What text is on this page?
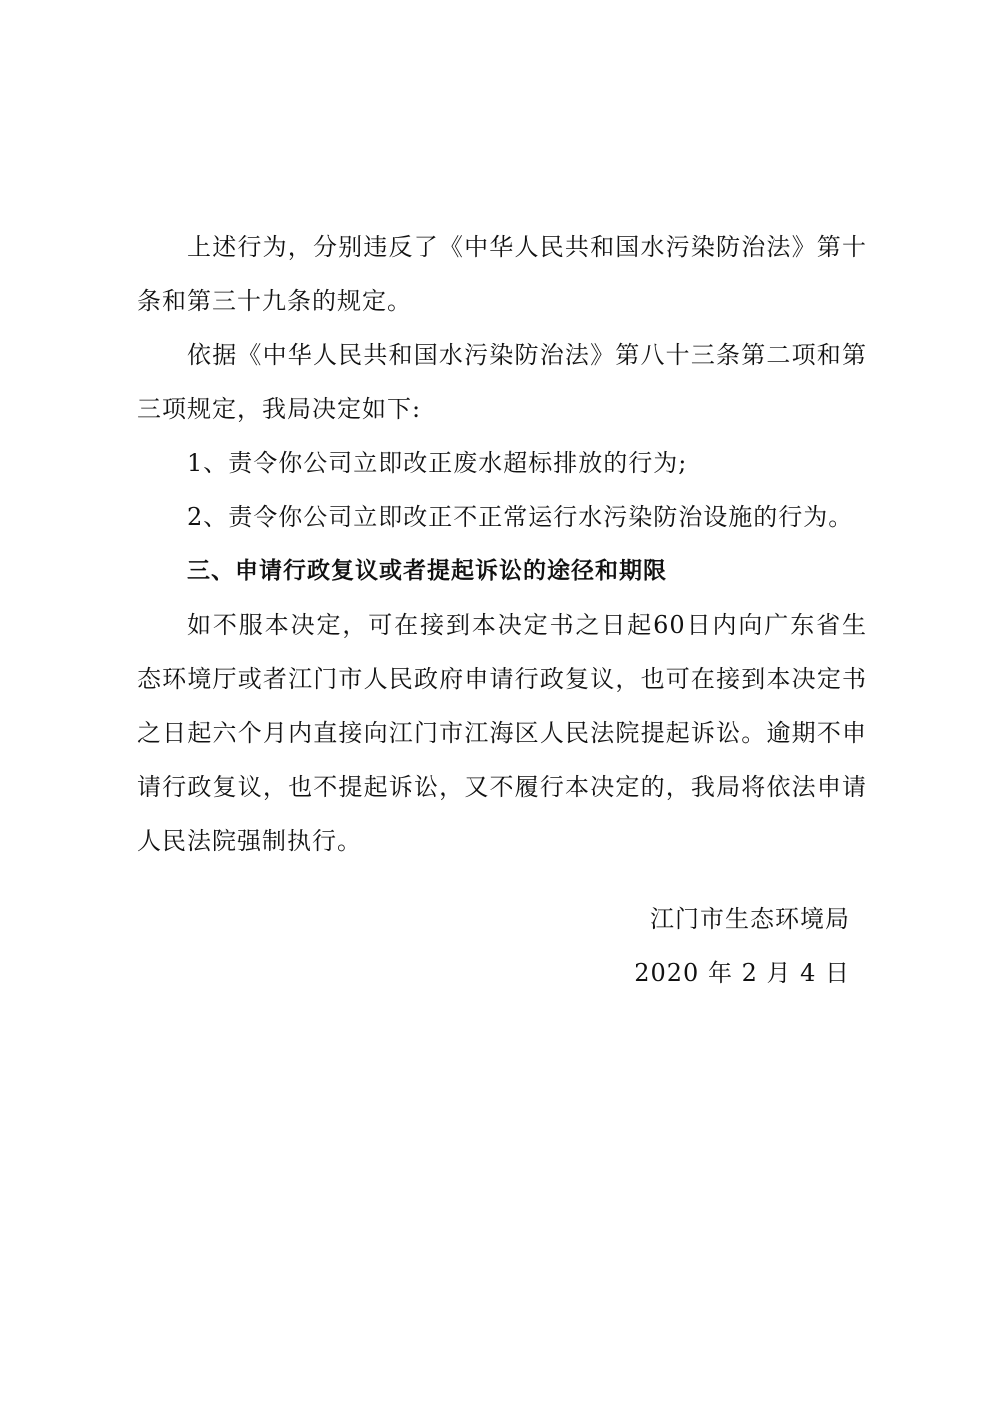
上述行为，分别违反了《中华人民共和国水污染防治法》第十条和第三十九条的规定。

依据《中华人民共和国水污染防治法》第八十三条第二项和第三项规定，我局决定如下:

1、责令你公司立即改正废水超标排放的行为;

2、责令你公司立即改正不正常运行水污染防治设施的行为。

三、申请行政复议或者提起诉讼的途径和期限

如不服本决定，可在接到本决定书之日起60日内向广东省生态环境厅或者江门市人民政府申请行政复议，也可在接到本决定书之日起六个月内直接向江门市江海区人民法院提起诉讼。逾期不申请行政复议，也不提起诉讼，又不履行本决定的，我局将依法申请人民法院强制执行。

江门市生态环境局
2020 年 2 月 4 日
